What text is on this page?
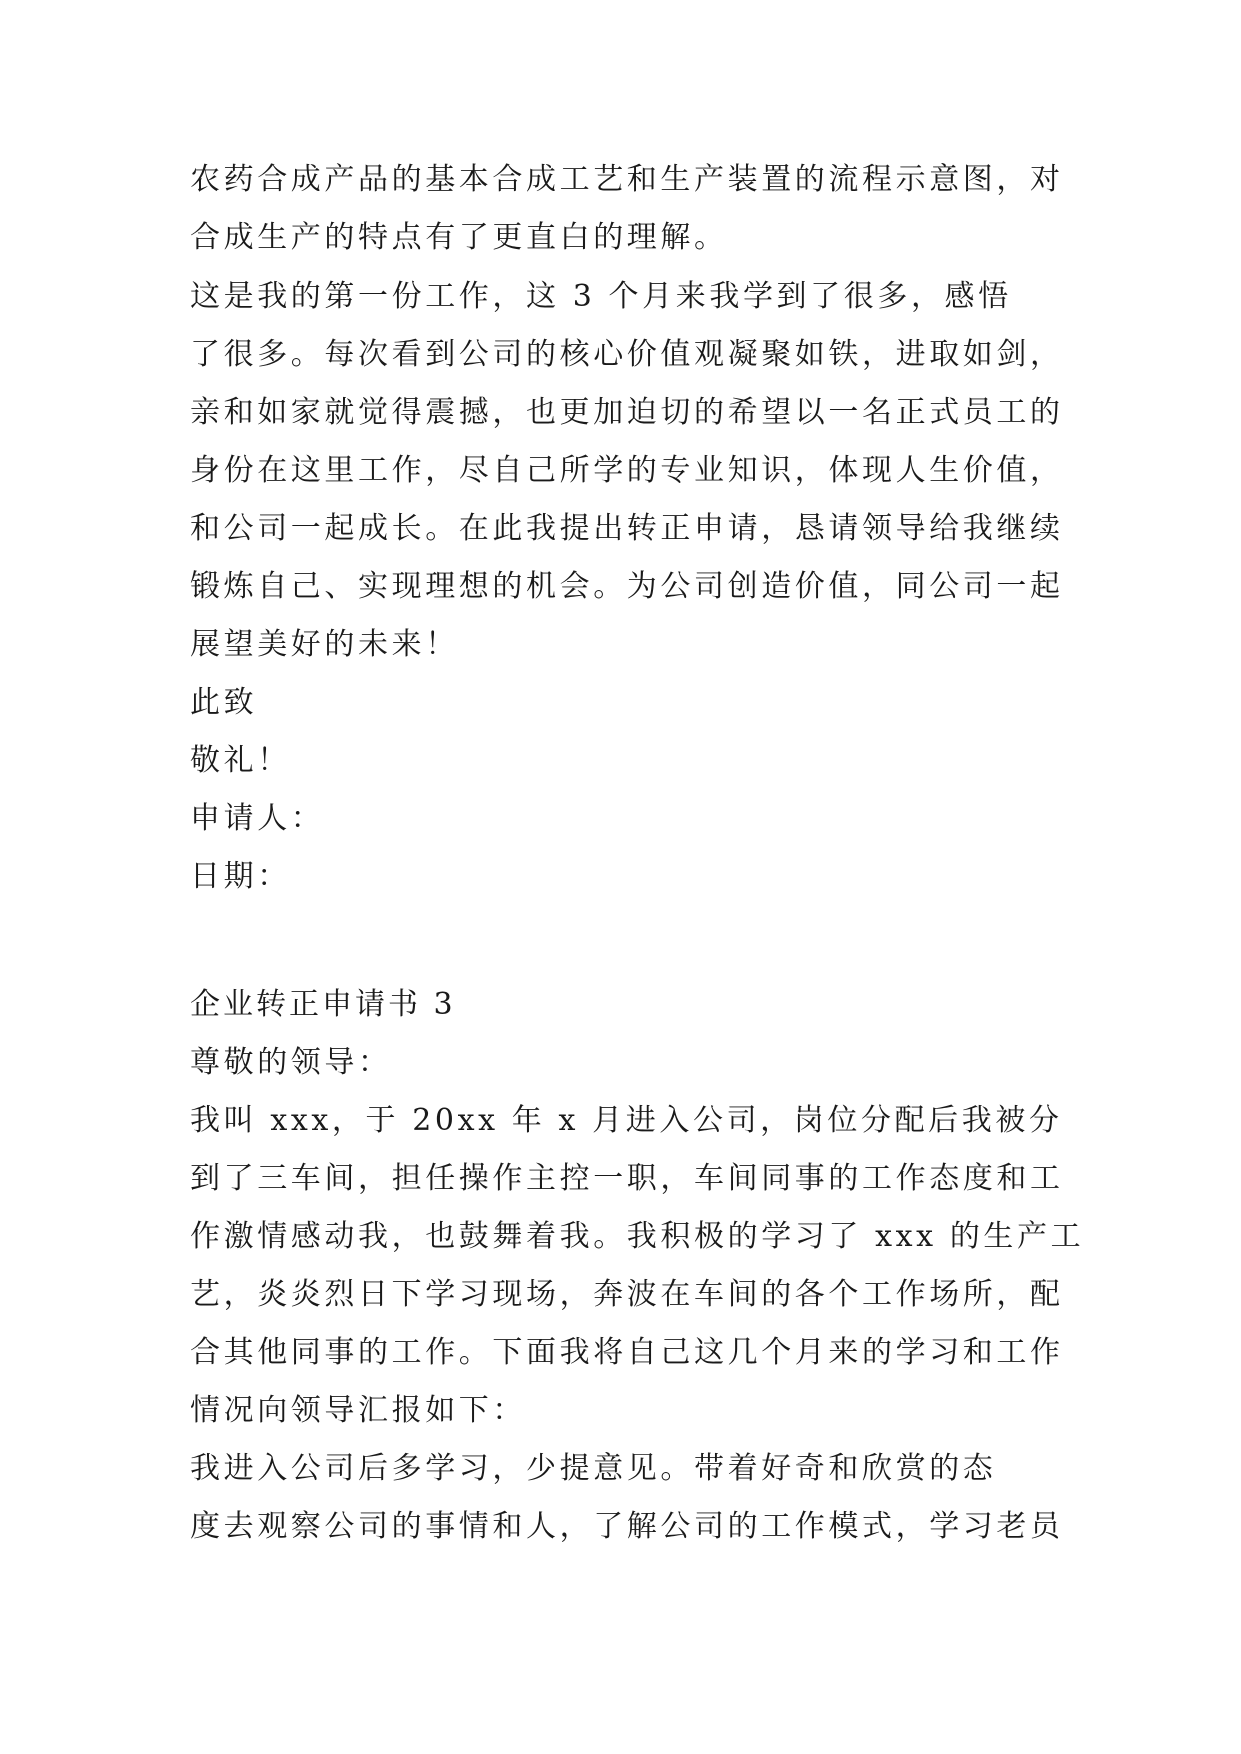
农药合成产品的基本合成工艺和生产装置的流程示意图，对

合成生产的特点有了更直白的理解。

这是我的第一份工作，这 3 个月来我学到了很多，感悟

了很多。每次看到公司的核心价值观凝聚如铁，进取如剑，

亲和如家就觉得震撼，也更加迫切的希望以一名正式员工的

身份在这里工作，尽自己所学的专业知识，体现人生价值，

和公司一起成长。在此我提出转正申请，恳请领导给我继续

锻炼自己、实现理想的机会。为公司创造价值，同公司一起

展望美好的未来！

此致

敬礼！

申请人：

日期：

企业转正申请书 3

尊敬的领导：

我叫 xxx，于 20xx 年 x 月进入公司，岗位分配后我被分

到了三车间，担任操作主控一职，车间同事的工作态度和工

作激情感动我，也鼓舞着我。我积极的学习了 xxx 的生产工

艺，炎炎烈日下学习现场，奔波在车间的各个工作场所，配

合其他同事的工作。下面我将自己这几个月来的学习和工作

情况向领导汇报如下：

我进入公司后多学习，少提意见。带着好奇和欣赏的态

度去观察公司的事情和人，了解公司的工作模式，学习老员
